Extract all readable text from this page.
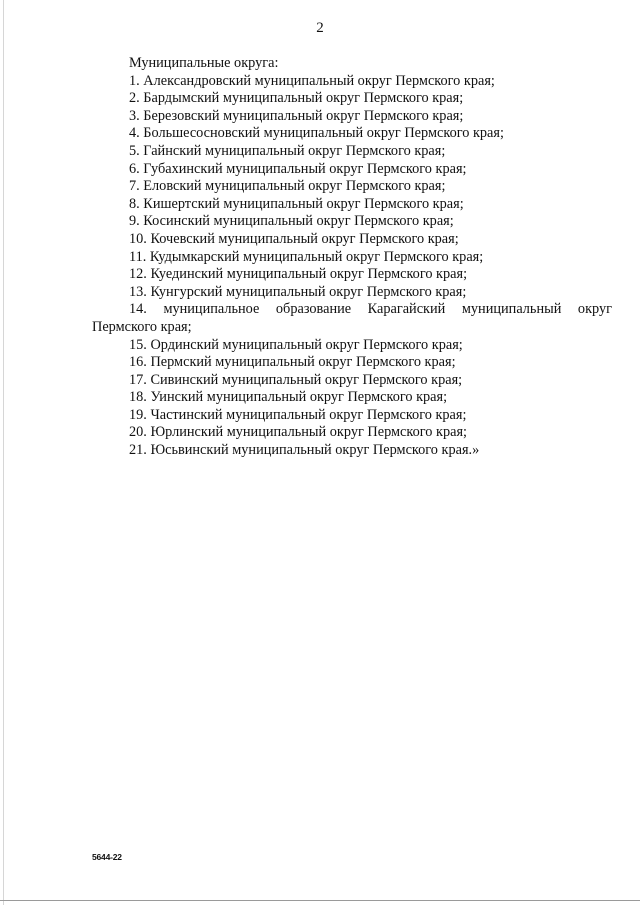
2
Муниципальные округа:
1. Александровский муниципальный округ Пермского края;
2. Бардымский муниципальный округ Пермского края;
3. Березовский муниципальный округ Пермского края;
4. Большесосновский муниципальный округ Пермского края;
5. Гайнский муниципальный округ Пермского края;
6. Губахинский муниципальный округ Пермского края;
7. Еловский муниципальный округ Пермского края;
8. Кишертский муниципальный округ Пермского края;
9. Косинский муниципальный округ Пермского края;
10. Кочевский муниципальный округ Пермского края;
11. Кудымкарский муниципальный округ Пермского края;
12. Куединский муниципальный округ Пермского края;
13. Кунгурский муниципальный округ Пермского края;
14. муниципальное образование Карагайский муниципальный округ Пермского края;
15. Ординский муниципальный округ Пермского края;
16. Пермский муниципальный округ Пермского края;
17. Сивинский муниципальный округ Пермского края;
18. Уинский муниципальный округ Пермского края;
19. Частинский муниципальный округ Пермского края;
20. Юрлинский муниципальный округ Пермского края;
21. Юсьвинский муниципальный округ Пермского края.»
5644-22
